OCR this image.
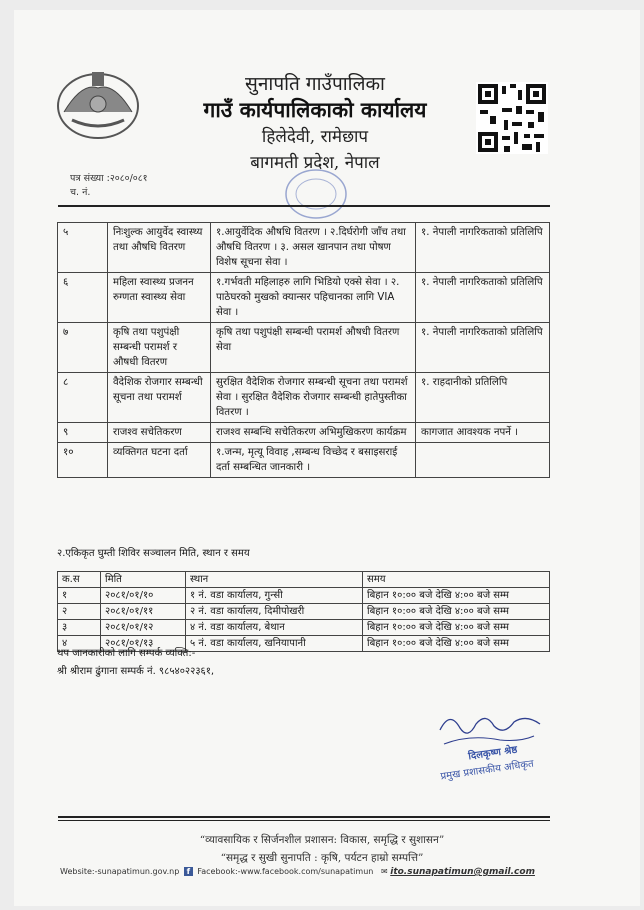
सुनापति गाउँपालिका
गाउँ कार्यपालिकाको कार्यालय
हिलेदेवी, रामेछाप
बागमती प्रदेश, नेपाल
पत्र संख्या :२०८०/०८१
च. नं.
५	निःशुल्क आयुर्वेद स्वास्थ्य तथा औषधि वितरण	१.आयुर्वेदिक औषधि वितरण । २.दिर्घरोगी जाँच तथा औषधि वितरण । ३. असल खानपान तथा पोषण विशेष सूचना सेवा ।	१. नेपाली नागरिकताको प्रतिलिपि
६	महिला स्वास्थ्य प्रजनन रुग्णता स्वास्थ्य सेवा	१.गर्भवती महिलाहरु लागि भिडियो एक्से सेवा । २. पाठेघरको मुखको क्यान्सर पहिचानका लागि VIA सेवा ।	१. नेपाली नागरिकताको प्रतिलिपि
७	कृषि तथा पशुपंक्षी सम्बन्धी परामर्श र औषधी वितरण	कृषि तथा पशुपंक्षी सम्बन्धी परामर्श औषधी वितरण सेवा	१. नेपाली नागरिकताको प्रतिलिपि
८	वैदेशिक रोजगार सम्बन्धी सूचना तथा परामर्श	सुरक्षित वैदेशिक रोजगार सम्बन्धी सूचना तथा परामर्श सेवा । सुरक्षित वैदेशिक रोजगार सम्बन्धी हातेपुस्तीका वितरण ।	१. राहदानीको प्रतिलिपि
९	राजश्व सचेतिकरण	राजश्व सम्बन्धि सचेतिकरण अभिमुखिकरण कार्यक्रम	कागजात आवश्यक नपर्ने ।
१०	व्यक्तिगत घटना दर्ता	१.जन्म, मृत्यू विवाह ,सम्बन्ध विच्छेद र बसाइसराई दर्ता सम्बन्धित जानकारी ।	
२.एकिकृत घुम्ती शिविर सञ्चालन मिति, स्थान र समय
क.स	मिति	स्थान	समय
१	२०८१/०१/१०	१ नं. वडा कार्यालय, गुन्सी	बिहान १०:०० बजे देखि ४:०० बजे सम्म
२	२०८१/०१/११	२ नं. वडा कार्यालय, दिमीपोखरी	बिहान १०:०० बजे देखि ४:०० बजे सम्म
३	२०८१/०१/१२	४ नं. वडा कार्यालय, बेथान	बिहान १०:०० बजे देखि ४:०० बजे सम्म
४	२०८१/०१/१३	५ नं. वडा कार्यालय, खनियापानी	बिहान १०:०० बजे देखि ४:०० बजे सम्म
थप जानकारीको लागि सम्पर्क व्यक्ति:-
श्री श्रीराम ढुंगाना सम्पर्क नं. ९८५४०२२३६१,
दिलकृष्ण श्रेष्ठ
प्रमुख प्रशासकीय अधिकृत
“व्यावसायिक र सिर्जनशील प्रशासन: विकास, समृद्धि र सुशासन”
“समृद्ध र सुखी सुनापति : कृषि, पर्यटन हाम्रो सम्पत्ति”
Website:-sunapatimun.gov.np f Facebook:-www.facebook.com/sunapatimun ✉ ito.sunapatimun@gmail.com
